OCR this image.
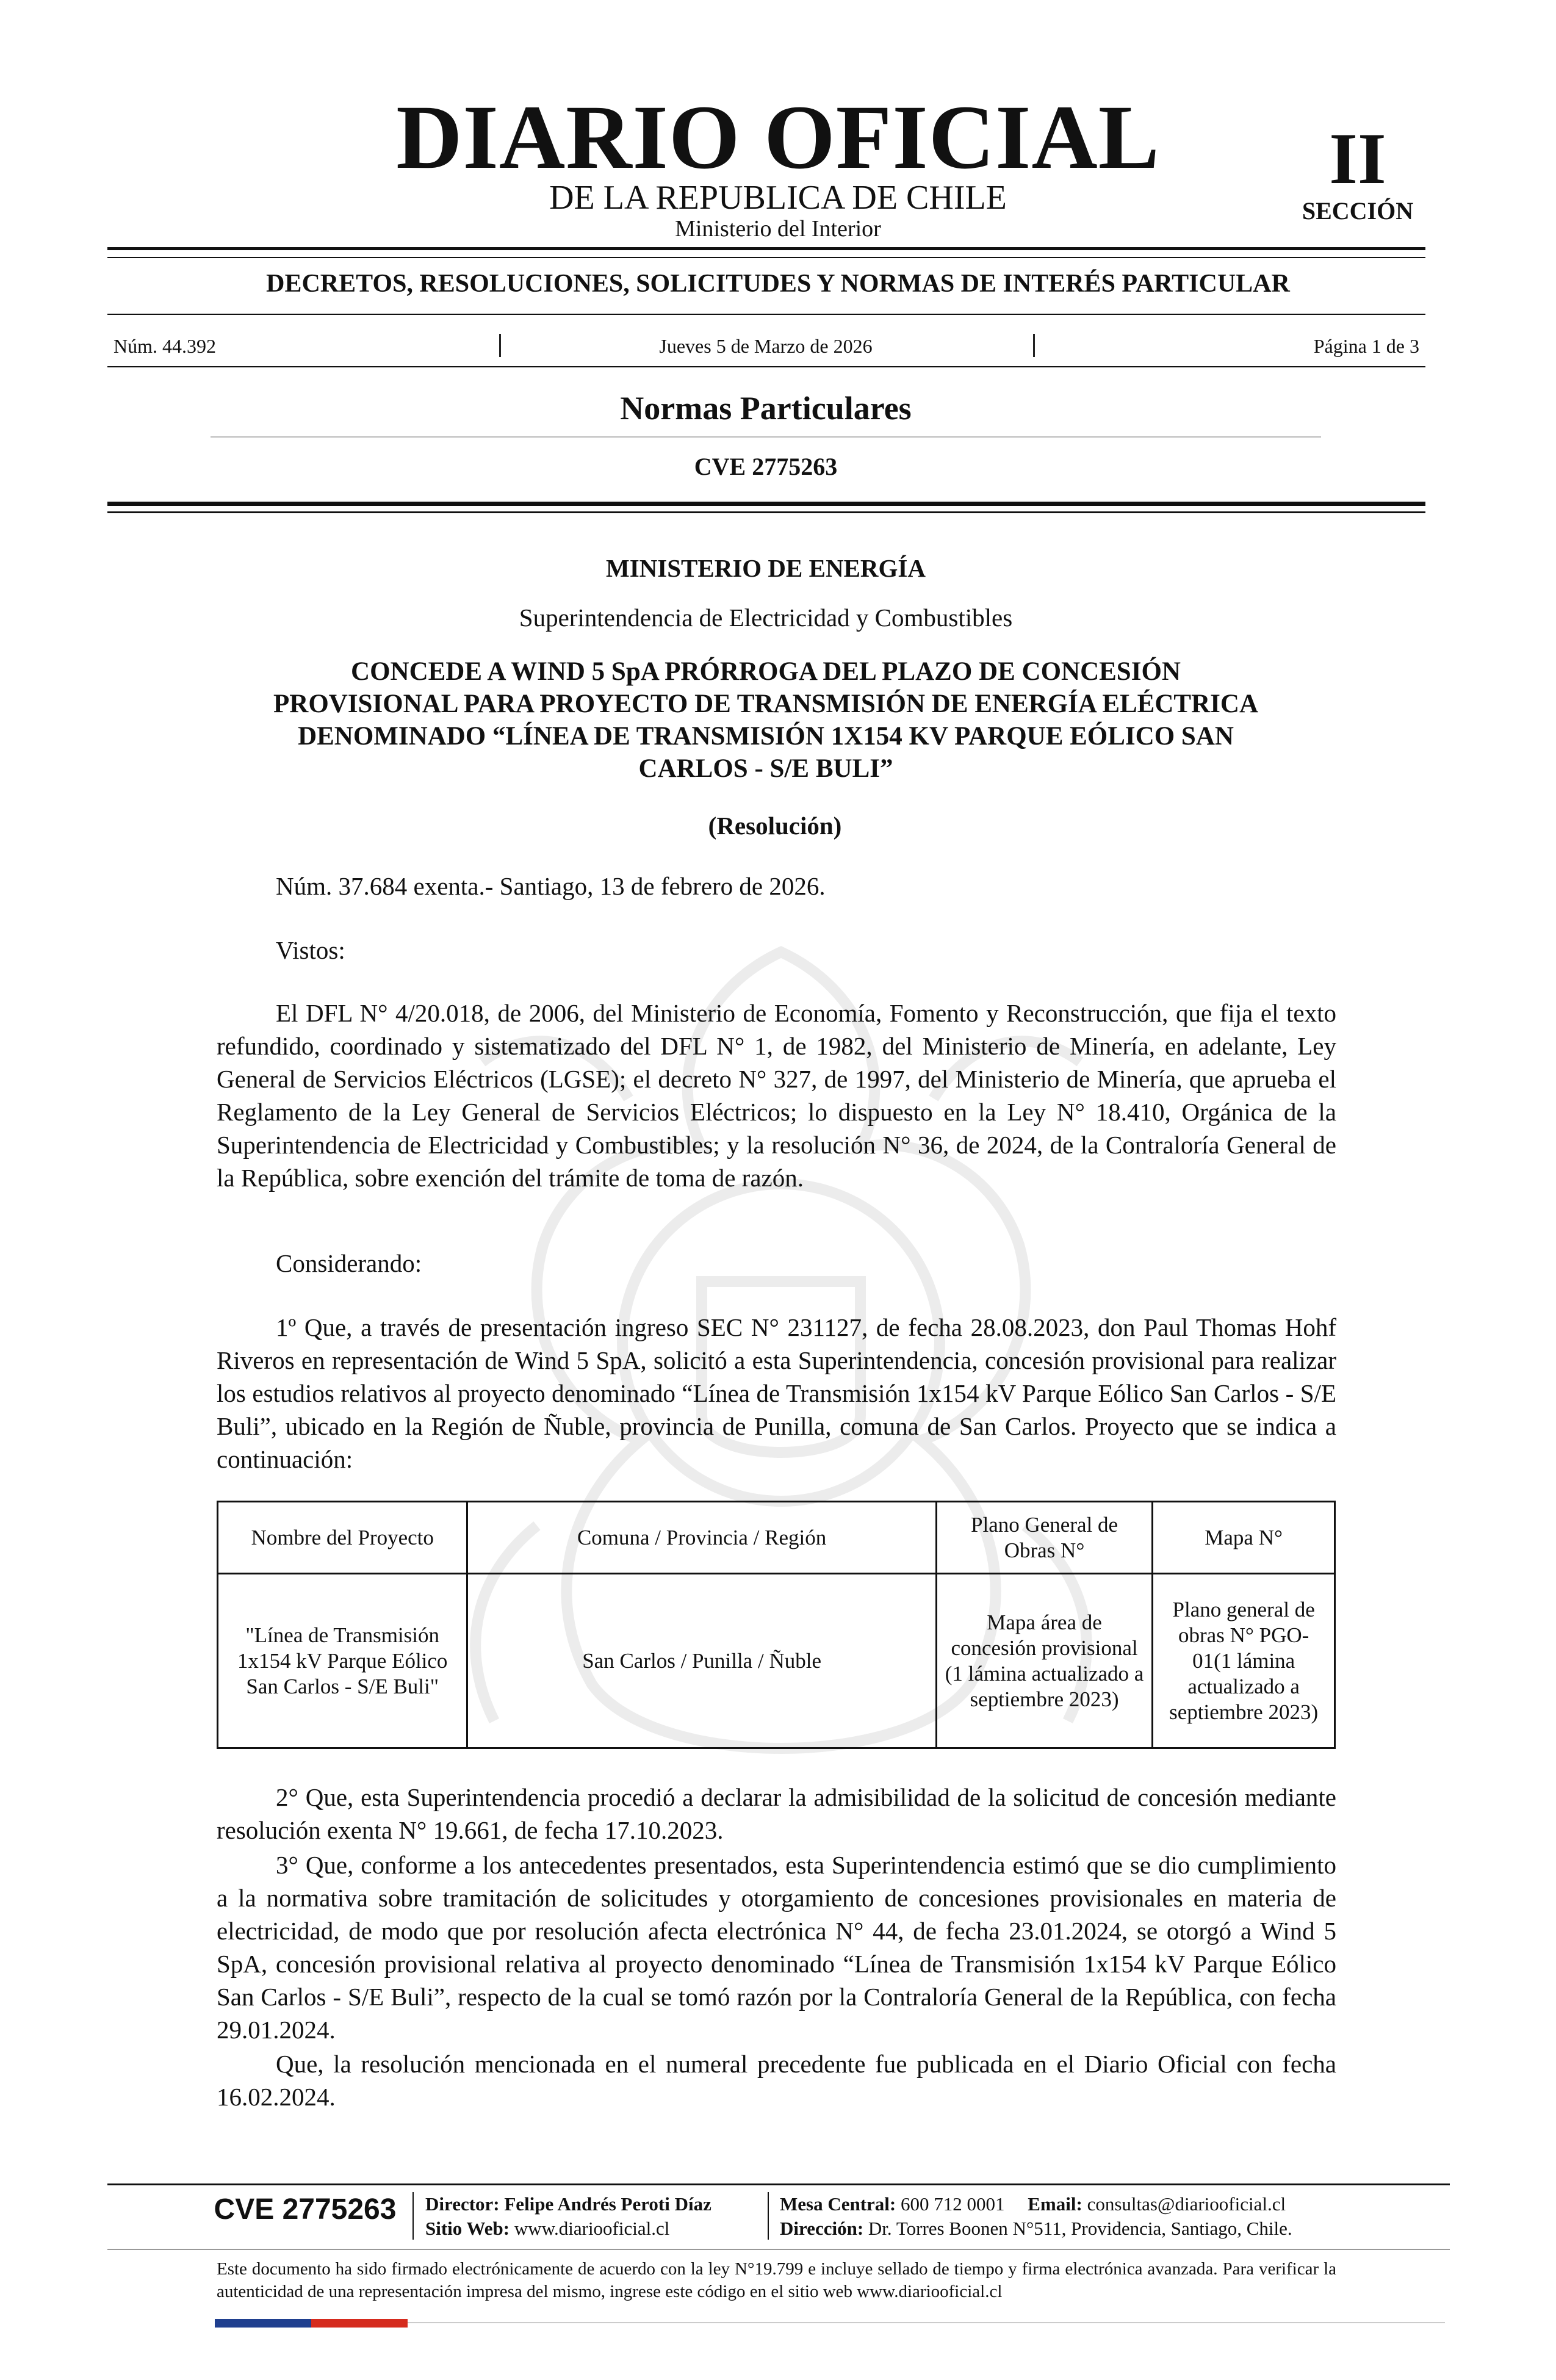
DIARIO OFICIAL
DE LA REPUBLICA DE CHILE
Ministerio del Interior
II
SECCIÓN
DECRETOS, RESOLUCIONES, SOLICITUDES Y NORMAS DE INTERÉS PARTICULAR
Núm. 44.392	Jueves 5 de Marzo de 2026	Página 1 de 3
Normas Particulares
CVE 2775263
MINISTERIO DE ENERGÍA
Superintendencia de Electricidad y Combustibles
CONCEDE A WIND 5 SpA PRÓRROGA DEL PLAZO DE CONCESIÓN
PROVISIONAL PARA PROYECTO DE TRANSMISIÓN DE ENERGÍA ELÉCTRICA
DENOMINADO “LÍNEA DE TRANSMISIÓN 1X154 KV PARQUE EÓLICO SAN
CARLOS - S/E BULI”
(Resolución)
Núm. 37.684 exenta.- Santiago, 13 de febrero de 2026.
Vistos:
El DFL N° 4/20.018, de 2006, del Ministerio de Economía, Fomento y Reconstrucción, que fija el texto refundido, coordinado y sistematizado del DFL N° 1, de 1982, del Ministerio de Minería, en adelante, Ley General de Servicios Eléctricos (LGSE); el decreto N° 327, de 1997, del Ministerio de Minería, que aprueba el Reglamento de la Ley General de Servicios Eléctricos; lo dispuesto en la Ley N° 18.410, Orgánica de la Superintendencia de Electricidad y Combustibles; y la resolución N° 36, de 2024, de la Contraloría General de la República, sobre exención del trámite de toma de razón.
Considerando:
1º Que, a través de presentación ingreso SEC N° 231127, de fecha 28.08.2023, don Paul Thomas Hohf Riveros en representación de Wind 5 SpA, solicitó a esta Superintendencia, concesión provisional para realizar los estudios relativos al proyecto denominado “Línea de Transmisión 1x154 kV Parque Eólico San Carlos - S/E Buli”, ubicado en la Región de Ñuble, provincia de Punilla, comuna de San Carlos. Proyecto que se indica a continuación:
Nombre del Proyecto	Comuna / Provincia / Región	Plano General de Obras N°	Mapa N°
"Línea de Transmisión 1x154 kV Parque Eólico San Carlos - S/E Buli"	San Carlos / Punilla / Ñuble	Mapa área de concesión provisional (1 lámina actualizado a septiembre 2023)	Plano general de obras N° PGO-01(1 lámina actualizado a septiembre 2023)
2° Que, esta Superintendencia procedió a declarar la admisibilidad de la solicitud de concesión mediante resolución exenta N° 19.661, de fecha 17.10.2023.
3° Que, conforme a los antecedentes presentados, esta Superintendencia estimó que se dio cumplimiento a la normativa sobre tramitación de solicitudes y otorgamiento de concesiones provisionales en materia de electricidad, de modo que por resolución afecta electrónica N° 44, de fecha 23.01.2024, se otorgó a Wind 5 SpA, concesión provisional relativa al proyecto denominado “Línea de Transmisión 1x154 kV Parque Eólico San Carlos - S/E Buli”, respecto de la cual se tomó razón por la Contraloría General de la República, con fecha 29.01.2024.
Que, la resolución mencionada en el numeral precedente fue publicada en el Diario Oficial con fecha 16.02.2024.
CVE 2775263	Director: Felipe Andrés Peroti Díaz
Sitio Web: www.diariooficial.cl
Mesa Central: 600 712 0001 Email: consultas@diariooficial.cl
Dirección: Dr. Torres Boonen N°511, Providencia, Santiago, Chile.
Este documento ha sido firmado electrónicamente de acuerdo con la ley N°19.799 e incluye sellado de tiempo y firma electrónica avanzada. Para verificar la autenticidad de una representación impresa del mismo, ingrese este código en el sitio web www.diariooficial.cl
